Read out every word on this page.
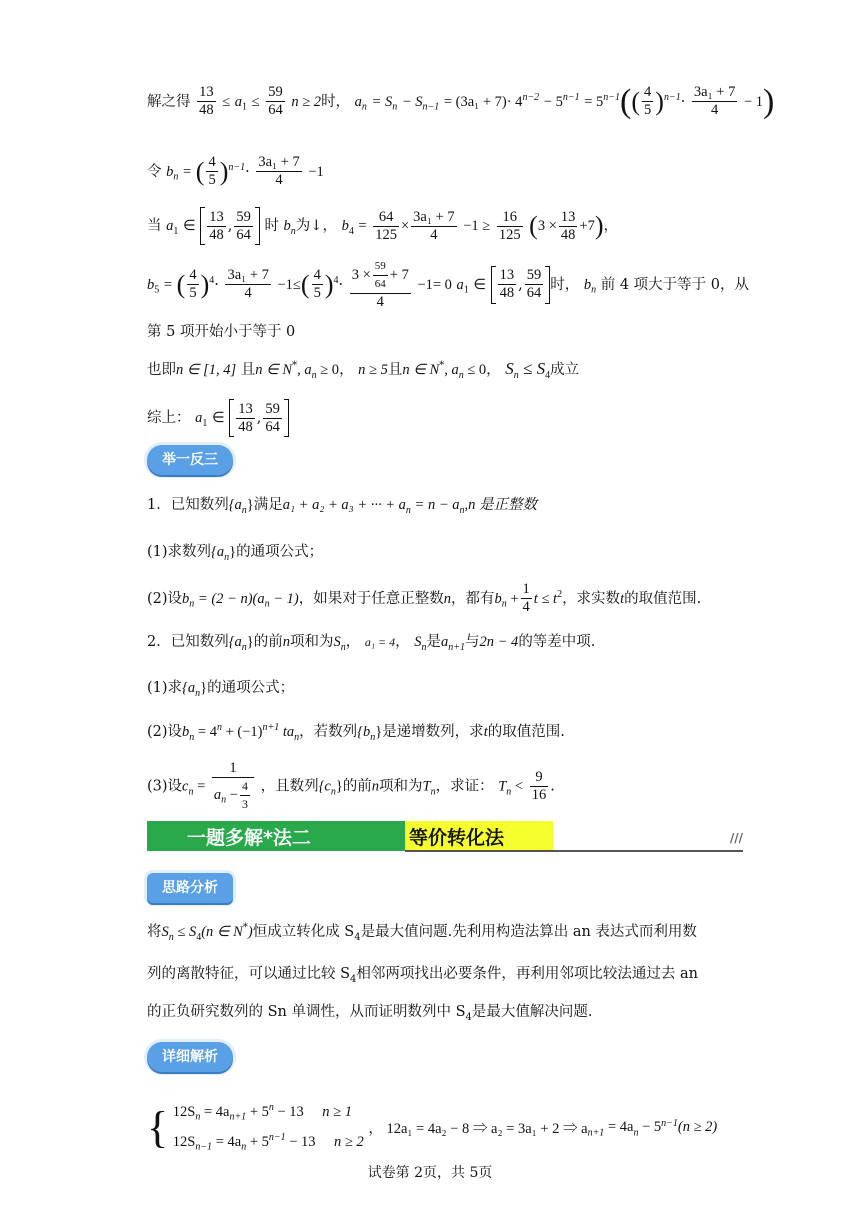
解之得 $\frac{13}{48} \le a_1 \le \frac{59}{64}$ n ≥ 2时， $a_n = S_n - S_{n-1} = (3a_1 + 7)\cdot 4^{n-2} - 5^{n-1} = 5^{n-1}(( \frac{4}{5} )^{n-1}\cdot \frac{\text{3a₁ + 7}}{4} - 1)$
令 $b_n$ = ( $\frac{4}{5} )^{n-1}\cdot \frac{\text{3a₁ + 7}}{4} -1$
当 $a_1$ ∈ $\frac{13}{48}$ , $\frac{59}{64}$ 时 $b_n$为↓， $b_4 = \frac{64}{125} \times \frac{\text{3a₁ + 7}}{4} -1 \ge \frac{16}{125} (3 \times \frac{13}{48} +7)$，
$b_5$ = ( $\frac{4}{5} )^4\cdot \frac{\text{3a₁ + 7}}{4} -1\le( \frac{4}{5} )^4\cdot \frac{3 \times \frac{59}{64} + 7}{4} -1= 0$ $a_1$ ∈ $\frac{13}{48}$ , $\frac{59}{64}$ 时， $b_n$ 前 4 项大于等于 0，从
第 5 项开始小于等于 0
也即n ∈ [1, 4] 且n ∈ N*, $a_n \ge 0$， n ≥ 5且n ∈ N*, $a_n \le 0$， $S_n \le S_4$成立
综上： $a_1$ ∈ $\frac{13}{48}$ , $\frac{59}{64}$
举一反三
1．已知数列$\{a_n\}$满足a₁ + a₂ + a₃ + ··· + $a_n = n - a_n,n$ 是正整数
(1)求数列$\{a_n\}$的通项公式；
(2)设$b_n = (2 - n)(a_n - 1)$，如果对于任意正整数n，都有$b_n + \frac{1}{4}$ $t \le t^2$，求实数t的取值范围.
2．已知数列$\{a_n\}$的前n项和为$S_n$， a₁ = 4， $S_n$是$a_{n+1}$与2n − 4的等差中项.
(1)求$\{a_n\}$的通项公式；
(2)设$b_n = 4^n + (-1)^{n+1}$ $ta_n$，若数列$\{b_n\}$是递增数列，求t的取值范围.
(3)设$c_n = \frac{1}{a_n - \frac{4}{3}}$ ，且数列$\{c_n\}$的前n项和为$T_n$，求证： $T_n < \frac{9}{16}$ .
一题多解*法二	等价转化法	///
思路分析
将$S_n \le S_4(n$ ∈ N*)恒成立转化成 $S_4$是最大值问题.先利用构造法算出 an 表达式而利用数
列的离散特征，可以通过比较 $S_4$相邻两项找出必要条件，再利用邻项比较法通过去 an
的正负研究数列的 Sn 单调性，从而证明数列中 $S_4$是最大值解决问题.
详细解析
{ $12S_n = 4a_{n+1} + 5^n - 13$ n ≥ 1
$12S_{n-1} = 4a_n + 5^{n-1} - 13$ n ≥ 2
， 12a₁ = 4a₂ − 8 ⇒ a₂ = 3a₁ + 2 ⇒ $a_{n+1} = 4a_n - 5^{n-1}(n \ge 2)$
试卷第 2页，共 5页
